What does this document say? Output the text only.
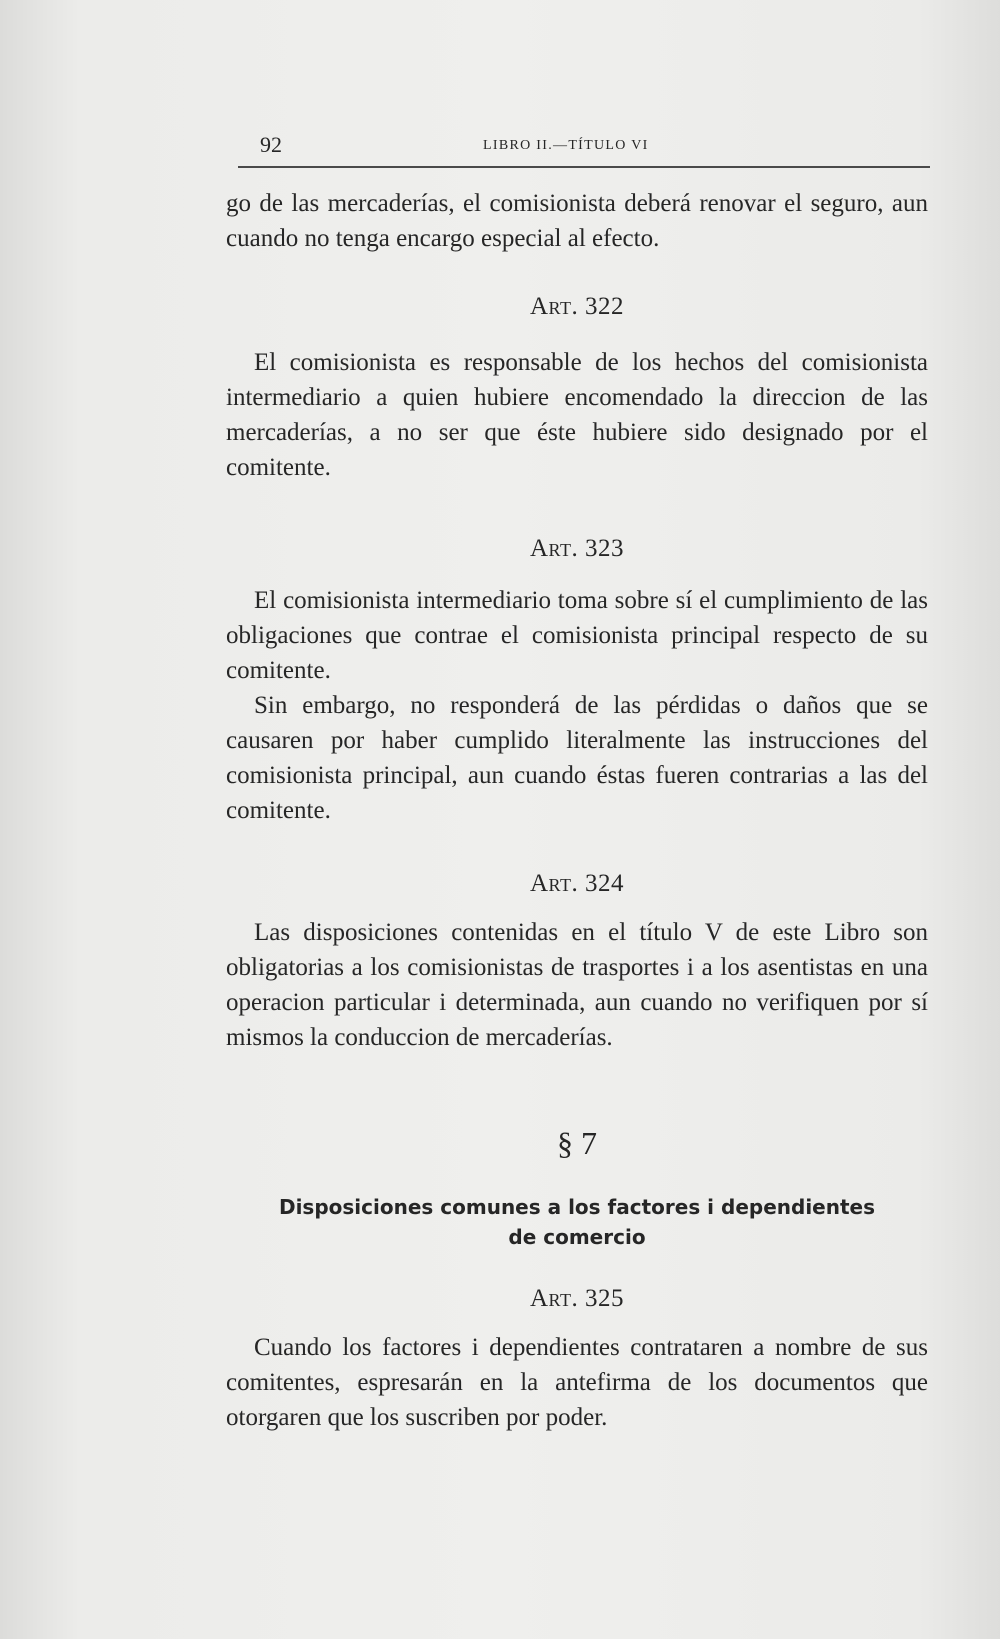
92	LIBRO II.—TÍTULO VI

go de las mercaderías, el comisionista deberá renovar el seguro, aun cuando no tenga encargo especial al efecto.

Art. 322

El comisionista es responsable de los hechos del comisionista intermediario a quien hubiere encomendado la direccion de las mercaderías, a no ser que éste hubiere sido designado por el comitente.

Art. 323

El comisionista intermediario toma sobre sí el cumplimiento de las obligaciones que contrae el comisionista principal respecto de su comitente.

Sin embargo, no responderá de las pérdidas o daños que se causaren por haber cumplido literalmente las instrucciones del comisionista principal, aun cuando éstas fueren contrarias a las del comitente.

Art. 324

Las disposiciones contenidas en el título V de este Libro son obligatorias a los comisionistas de trasportes i a los asentistas en una operacion particular i determinada, aun cuando no verifiquen por sí mismos la conduccion de mercaderías.

§ 7
Disposiciones comunes a los factores i dependientes
de comercio
Art. 325

Cuando los factores i dependientes contrataren a nombre de sus comitentes, espresarán en la antefirma de los documentos que otorgaren que los suscriben por poder.
